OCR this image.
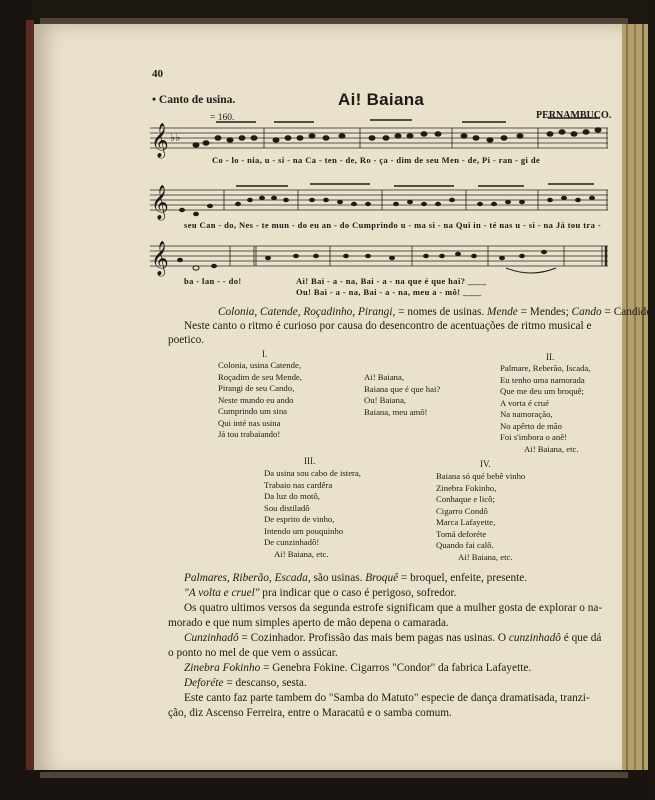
40
• Canto de usina.	Ai! Baiana
PERNAMBUCO.
𝄞 ♭♭
= 160.
Co - lo - nia, u - si - na Ca - ten - de, Ro - ça - dim de seu Men - de, Pi - ran - gi de
𝄞
seu Can - do, Nes - te mun - do eu an - do Cumprindo u - ma si - na Qui in - té nas u - si - na Já tou tra -
𝄞
ba - lan - - do!	Ai! Bai - a - na, Bai - a - na que é que hai? ____
Ou! Bai - a - na, Bai - a - na, meu a - mô! ____
Colonia, Catende, Roçadinho, Pirangi, = nomes de usinas. Mende = Mendes; Cando = Candido.
Neste canto o ritmo é curioso por causa do desencontro de acentuações de ritmo musical e
poetico.
I.
Colonia, usina Catende,
Roçadim de seu Mende,
Pirangi de seu Cando,
Neste mundo eu ando
Cumprindo um sina
Qui inté nas usina
Já tou trabaiando!
Ai! Baiana,
Baiana que é que hai?
Ou! Baiana,
Baiana, meu amô!
II.
Palmare, Reberão, Iscada,
Eu tenho uma namorada
Que me deu um broquê;
A vorta é crué
Na namoração,
No apêrto de mão
Foi s'imbora o anê!
Ai! Baiana, etc.
III.
Da usina sou cabo de istera,
Trabaio nas cardêra
Da luz do motô,
Sou distiladô
De esprito de vinho,
Intendo um pouquinho
De cunzinhadô!
Ai! Baiana, etc.
IV.
Baiana só qué bebê vinho
Zinebra Fokinho,
Conhaque e licô;
Cigarro Condô
Marca Lafayette,
Tomá deforéte
Quando fai calô.
Ai! Baiana, etc.
Palmares, Riberão, Escada, são usinas. Broquê = broquel, enfeite, presente.
"A volta e cruel" pra indicar que o caso é perigoso, sofredor.
Os quatro ultimos versos da segunda estrofe significam que a mulher gosta de explorar o na-
morado e que num simples aperto de mão depena o camarada.
Cunzinhadô = Cozinhador. Profissão das mais bem pagas nas usinas. O cunzinhadô é que dá
o ponto no mel de que vem o assúcar.
Zinebra Fokinho = Genebra Fokine. Cigarros "Condor" da fabrica Lafayette.
Deforéte = descanso, sesta.
Este canto faz parte tambem do "Samba do Matuto" especie de dança dramatisada, tranzi-
ção, diz Ascenso Ferreira, entre o Maracatú e o samba comum.
